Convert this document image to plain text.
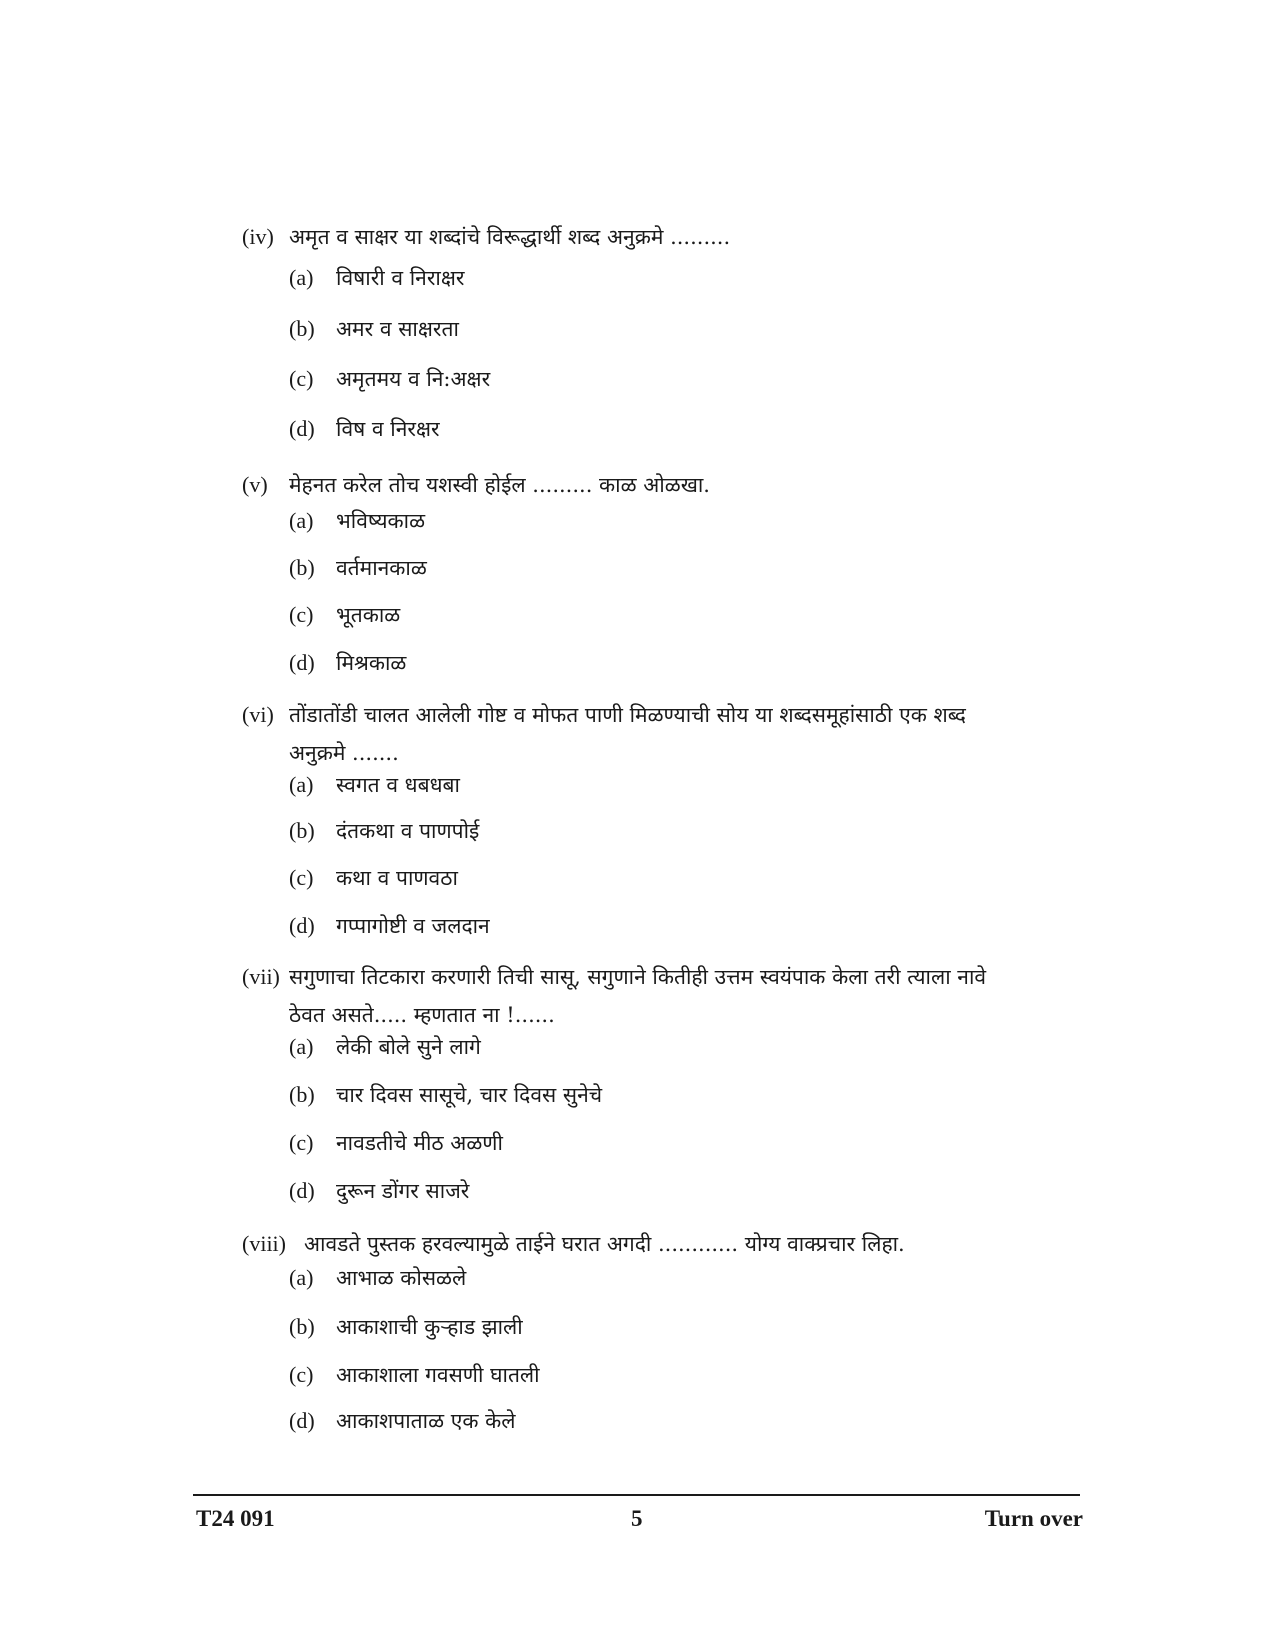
(iv) अमृत व साक्षर या शब्दांचे विरूद्धार्थी शब्द अनुक्रमे .........
(a) विषारी व निराक्षर
(b) अमर व साक्षरता
(c) अमृतमय व नि:अक्षर
(d) विष व निरक्षर
(v) मेहनत करेल तोच यशस्वी होईल ......... काळ ओळखा.
(a) भविष्यकाळ
(b) वर्तमानकाळ
(c) भूतकाळ
(d) मिश्रकाळ
(vi) तोंडातोंडी चालत आलेली गोष्ट व मोफत पाणी मिळण्याची सोय या शब्दसमूहांसाठी एक शब्द अनुक्रमे .......
(a) स्वगत व धबधबा
(b) दंतकथा व पाणपोई
(c) कथा व पाणवठा
(d) गप्पागोष्टी व जलदान
(vii) सगुणाचा तिटकारा करणारी तिची सासू, सगुणाने कितीही उत्तम स्वयंपाक केला तरी त्याला नावे ठेवत असते..... म्हणतात ना !......
(a) लेकी बोले सुने लागे
(b) चार दिवस सासूचे, चार दिवस सुनेचे
(c) नावडतीचे मीठ अळणी
(d) दुरून डोंगर साजरे
(viii) आवडते पुस्तक हरवल्यामुळे ताईने घरात अगदी ............ योग्य वाक्प्रचार लिहा.
(a) आभाळ कोसळले
(b) आकाशाची कुऱ्हाड झाली
(c) आकाशाला गवसणी घातली
(d) आकाशपाताळ एक केले
T24 091	5	Turn over
